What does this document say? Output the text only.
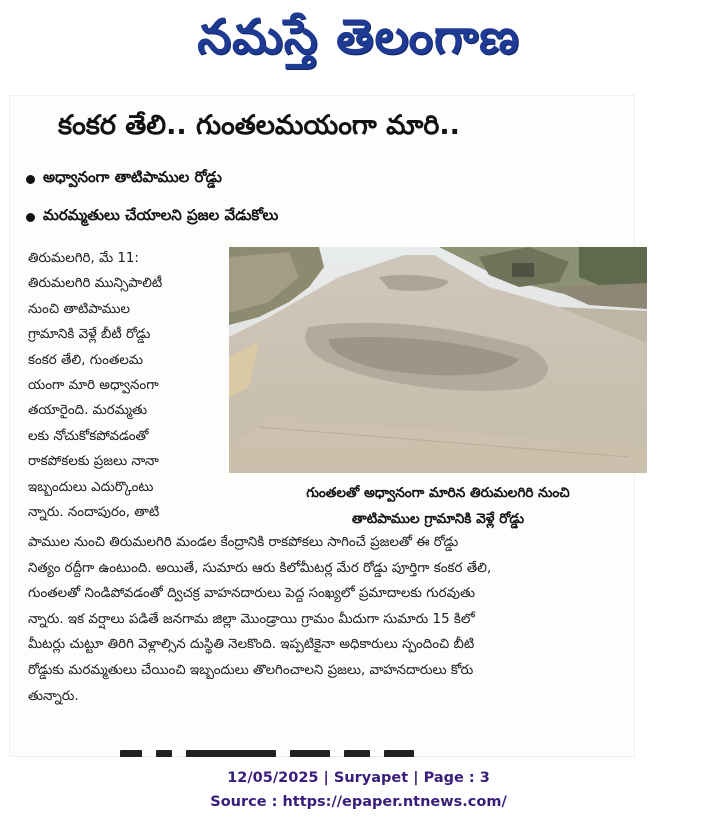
నమస్తే తెలంగాణ
కంకర తేలి.. గుంతలమయంగా మారి..
అధ్వానంగా తాటిపాముల రోడ్డు
మరమ్మతులు చేయాలని ప్రజల వేడుకోలు
తిరుమలగిరి, మే 11:
తిరుమలగిరి మున్సిపాలిటీ
నుంచి తాటిపాముల
గ్రామానికి వెళ్లే బీటీ రోడ్డు
కంకర తేలి, గుంతలమ
యంగా మారి అధ్వానంగా
తయారైంది. మరమ్మతు
లకు నోచుకోకపోవడంతో
రాకపోకలకు ప్రజలు నానా
ఇబ్బందులు ఎదుర్కొంటు
న్నారు. నందాపురం, తాటి
గుంతలతో అధ్వానంగా మారిన తిరుమలగిరి నుంచి
తాటిపాముల గ్రామానికి వెళ్లే రోడ్డు
పాముల నుంచి తిరుమలగిరి మండల కేంద్రానికి రాకపోకలు సాగించే ప్రజలతో ఈ రోడ్డు
నిత్యం రద్దీగా ఉంటుంది. అయితే, సుమారు ఆరు కిలోమీటర్ల మేర రోడ్డు పూర్తిగా కంకర తేలి,
గుంతలతో నిండిపోవడంతో ద్విచక్ర వాహనదారులు పెద్ద సంఖ్యలో ప్రమాదాలకు గురవుతు
న్నారు. ఇక వర్షాలు పడితే జనగామ జిల్లా మొండ్రాయి గ్రామం మీదుగా సుమారు 15 కిలో
మీటర్లు చుట్టూ తిరిగి వెళ్లాల్సిన దుస్థితి నెలకొంది. ఇప్పటికైనా అధికారులు స్పందించి బీటి
రోడ్డుకు మరమ్మతులు చేయించి ఇబ్బందులు తొలగించాలని ప్రజలు, వాహనదారులు కోరు
తున్నారు.
12/05/2025 | Suryapet | Page : 3
Source : https://epaper.ntnews.com/
